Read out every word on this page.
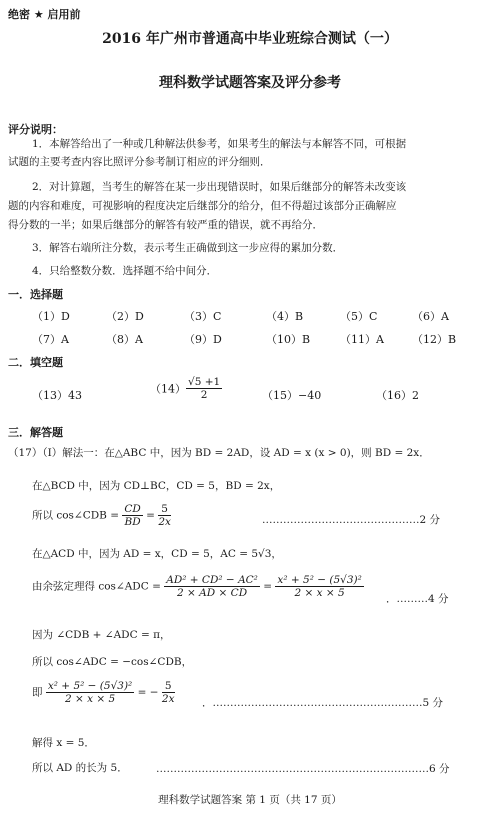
绝密 ★ 启用前
2016 年广州市普通高中毕业班综合测试（一）
理科数学试题答案及评分参考
评分说明：
1．本解答给出了一种或几种解法供参考，如果考生的解法与本解答不同，可根据
试题的主要考查内容比照评分参考制订相应的评分细则．
2．对计算题，当考生的解答在某一步出现错误时，如果后继部分的解答未改变该
题的内容和难度，可视影响的程度决定后继部分的给分，但不得超过该部分正确解应
得分数的一半；如果后继部分的解答有较严重的错误，就不再给分．
3．解答右端所注分数，表示考生正确做到这一步应得的累加分数．
4．只给整数分数．选择题不给中间分．
一．选择题
（1）D	（2）D	（3）C	（4）B	（5）C	（6）A
（7）A	（8）A	（9）D	（10）B	（11）A	（12）B
二．填空题
（13）43	$(14) \frac{√5 +1}{2}$	（15）−40	（16）2
三．解答题
（17）（Ⅰ）解法一：在△ABC 中，因为 BD = 2AD，设 AD = x (x > 0)，则 BD = 2x．
在△BCD 中，因为 CD⊥BC，CD = 5，BD = 2x，
所以 cos∠CDB = $\frac{CD}{BD} = \frac{5}{2x}$	………………………………………2 分
在△ACD 中，因为 AD = x，CD = 5，AC = 5√3，
由余弦定理得 cos∠ADC = $\frac{\text{AD² + CD² − AC²}}{2 \times AD \times CD} = \frac{\text{x² + 5² − (5√3)²}}{2 \times x \times 5}$ ．………4 分
因为 ∠CDB + ∠ADC = π，
所以 cos∠ADC = −cos∠CDB，
即 $\frac{\text{x² + 5² − (5√3)²}}{2 \times x \times 5}$ = − $\frac{5}{2x}$	．……………………………………………………5 分
解得 x = 5．
所以 AD 的长为 5．	……………………………………………………………………6 分
理科数学试题答案 第 1 页（共 17 页）
